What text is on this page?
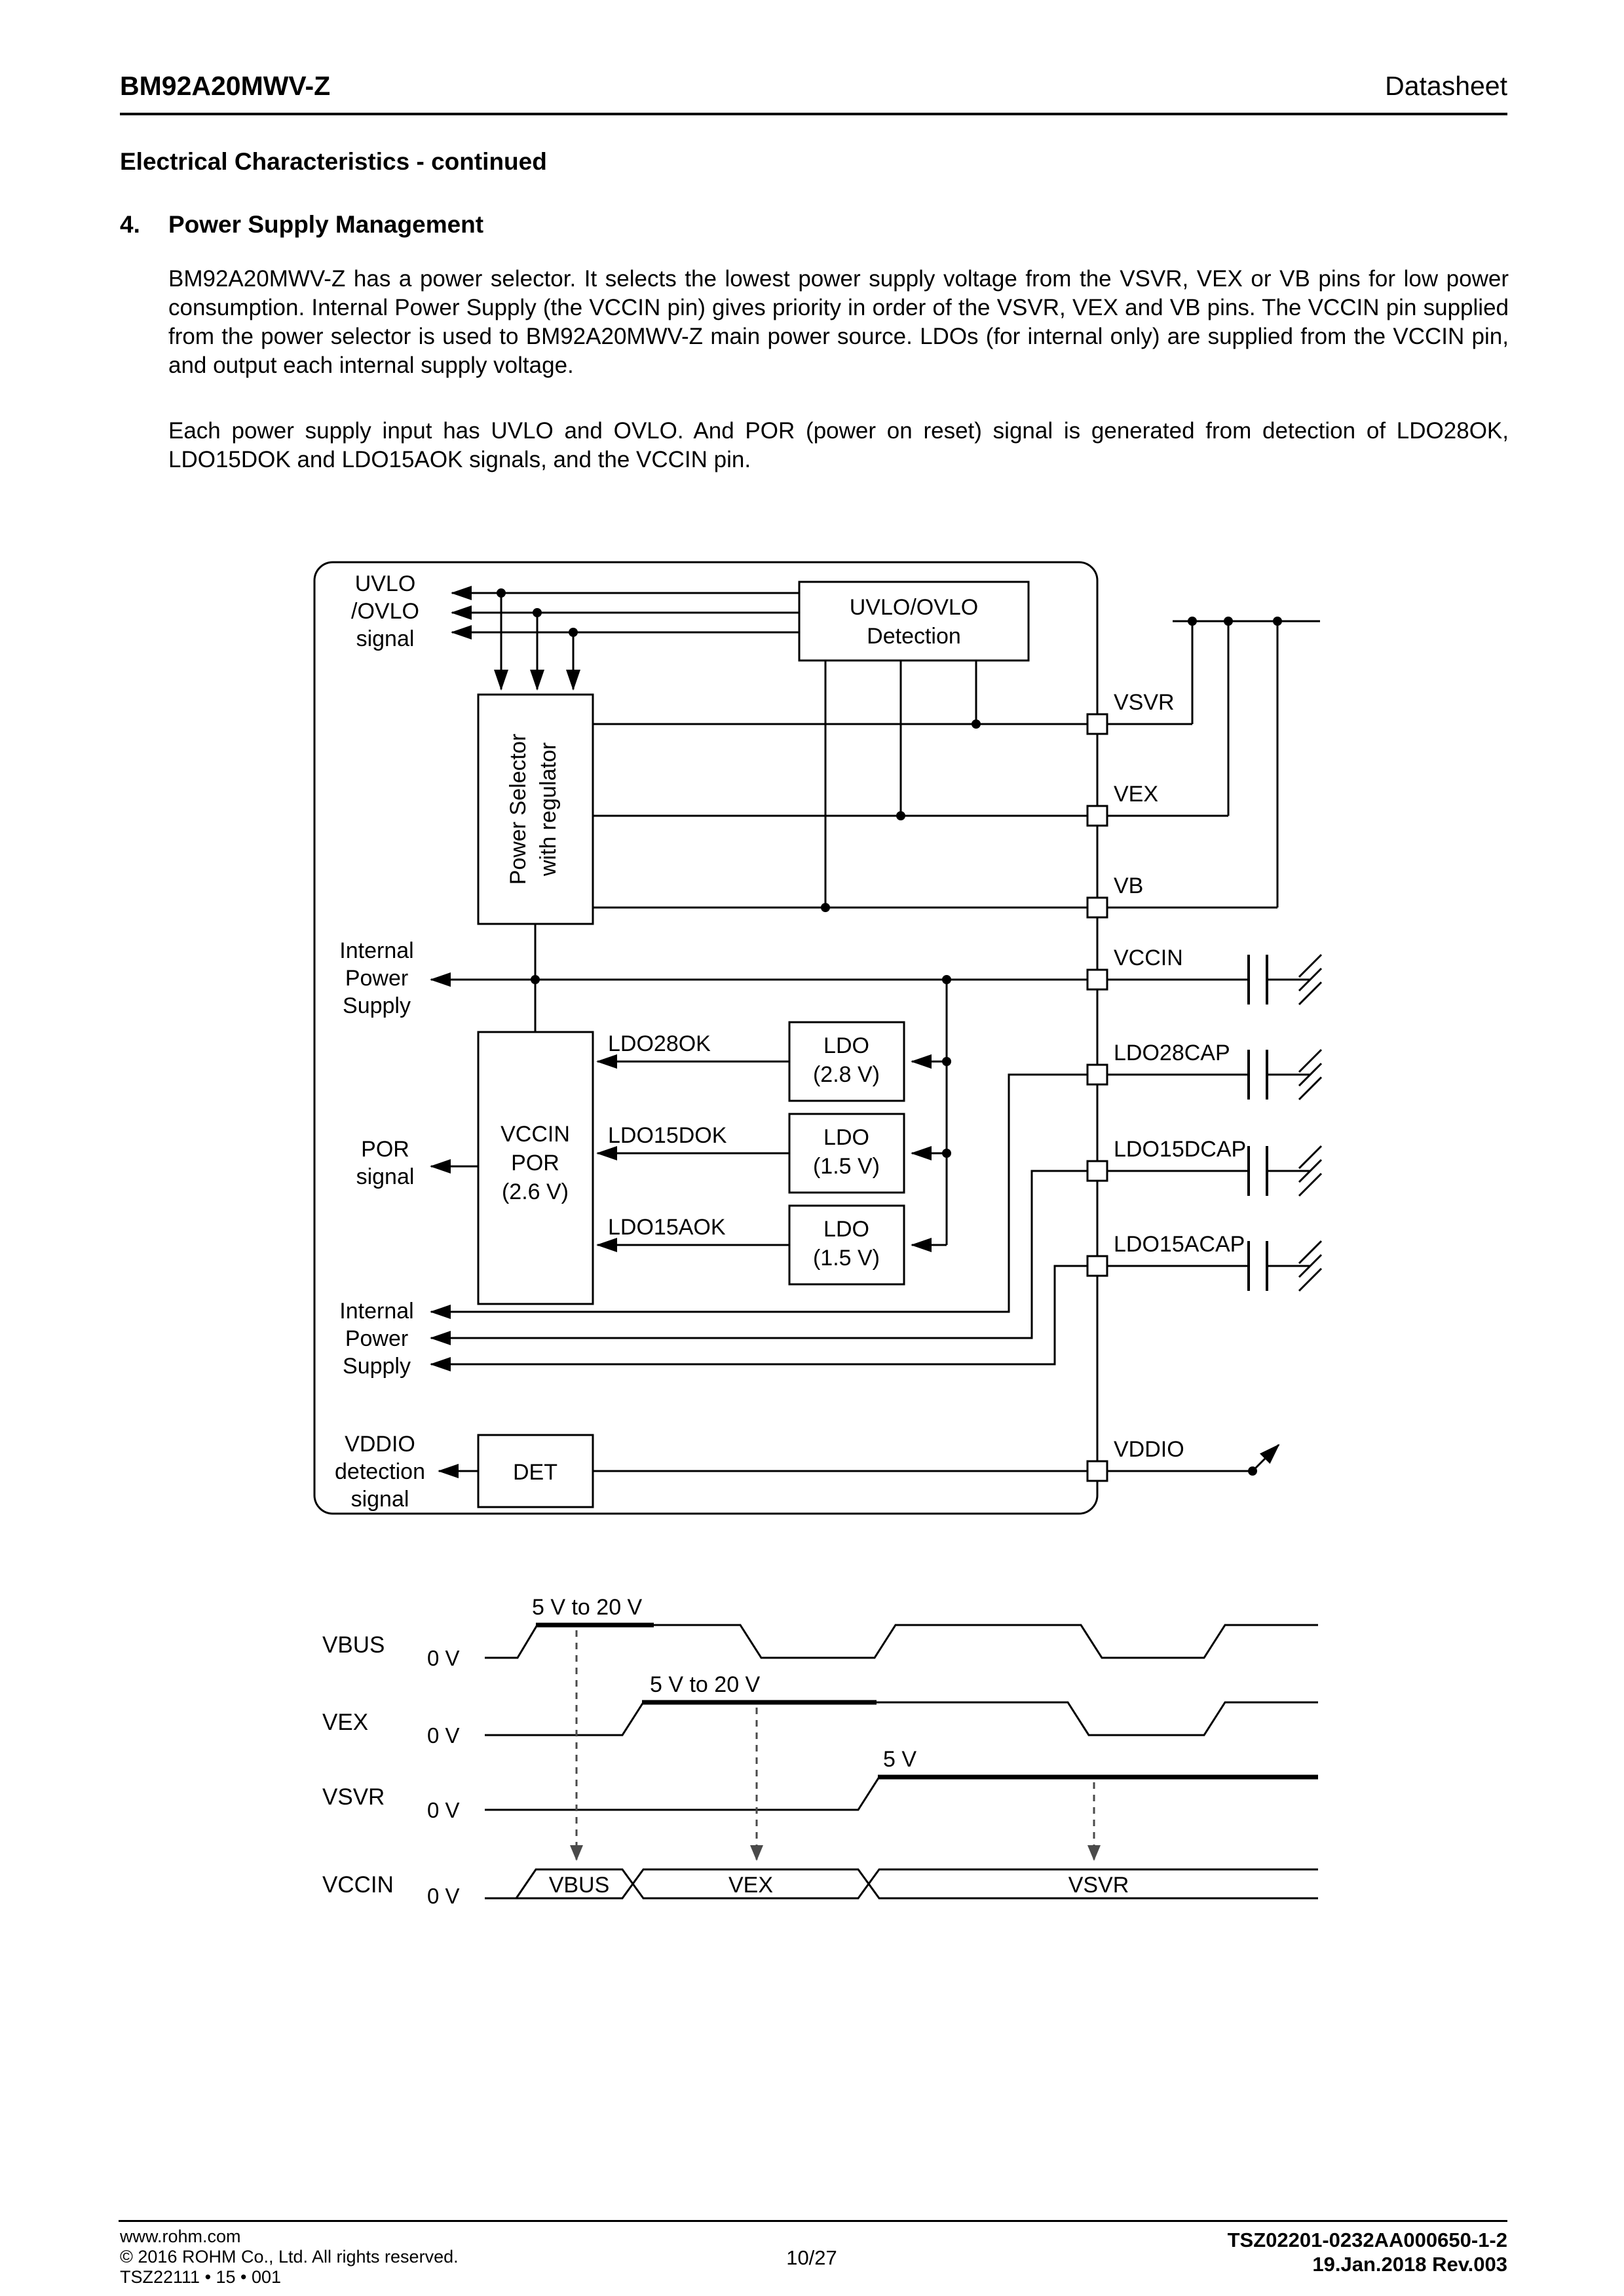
BM92A20MWV-Z	Datasheet
Electrical Characteristics - continued
4.	Power Supply Management
BM92A20MWV-Z has a power selector. It selects the lowest power supply voltage from the VSVR, VEX or VB pins for low power consumption. Internal Power Supply (the VCCIN pin) gives priority in order of the VSVR, VEX and VB pins. The VCCIN pin supplied from the power selector is used to BM92A20MWV-Z main power source. LDOs (for internal only) are supplied from the VCCIN pin, and output each internal supply voltage.
Each power supply input has UVLO and OVLO. And POR (power on reset) signal is generated from detection of LDO28OK, LDO15DOK and LDO15AOK signals, and the VCCIN pin.
UVLO/OVLO
Detection
UVLO
/OVLO
signal
Power Selector with regulator
Internal
Power
Supply
POR
signal
VCCIN
POR
(2.6 V)
LDO
(2.8 V)
LDO
(1.5 V)
LDO
(1.5 V)
LDO28OK
LDO15DOK
LDO15AOK
VSVR
VEX
VB
VCCIN
LDO28CAP
LDO15DCAP
LDO15ACAP
VDDIO
Internal
Power
Supply
DET
VDDIO
detection
signal
VBUS
0 V
5 V to 20 V
VEX
0 V
5 V to 20 V
VSVR
0 V
5 V
VCCIN 0 V	VBUS	VEX	VSVR
www.rohm.com
© 2016 ROHM Co., Ltd. All rights reserved.
TSZ22111 • 15 • 001
10/27
TSZ02201-0232AA000650-1-2
19.Jan.2018 Rev.003
